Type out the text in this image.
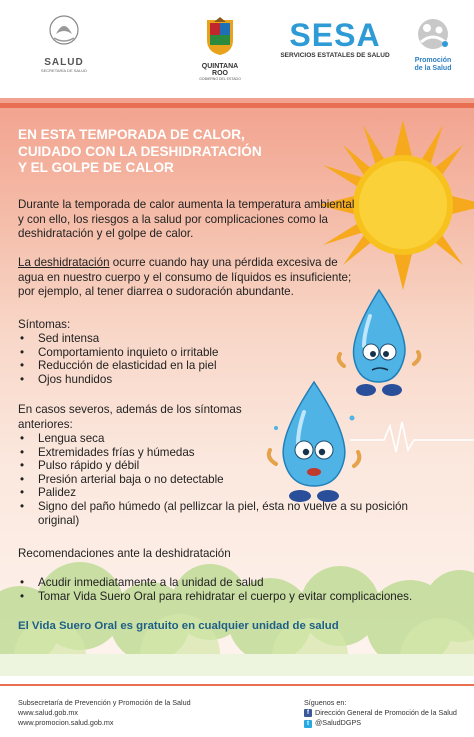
SALUD
SECRETARÍA DE SALUD
QUINTANA ROO
GOBIERNO DEL ESTADO
SESA
SERVICIOS ESTATALES DE SALUD
Promoción
de la Salud

EN ESTA TEMPORADA DE CALOR,
CUIDADO CON LA DESHIDRATACIÓN
Y EL GOLPE DE CALOR

Durante la temporada de calor aumenta la temperatura ambiental y con ello, los riesgos a la salud por complicaciones como la deshidratación y el golpe de calor.

La deshidratación ocurre cuando hay una pérdida excesiva de agua en nuestro cuerpo y el consumo de líquidos es insuficiente; por ejemplo, al tener diarrea o sudoración abundante.

Síntomas:

• Sed intensa
• Comportamiento inquieto o irritable
• Reducción de elasticidad en la piel
• Ojos hundidos

En casos severos, además de los síntomas anteriores:

• Lengua seca
• Extremidades frías y húmedas
• Pulso rápido y débil
• Presión arterial baja o no detectable
• Palidez
• Signo del paño húmedo (al pellizcar la piel, ésta no vuelve a su posición original)

Recomendaciones ante la deshidratación

• Acudir inmediatamente a la unidad de salud
• Tomar Vida Suero Oral para rehidratar el cuerpo y evitar complicaciones.

El Vida Suero Oral es gratuito en cualquier unidad de salud

Subsecretaría de Prevención y Promoción de la Salud
www.salud.gob.mx
www.promocion.salud.gob.mx
Síguenos en:
f Dirección General de Promoción de la Salud
t @SaludDGPS
